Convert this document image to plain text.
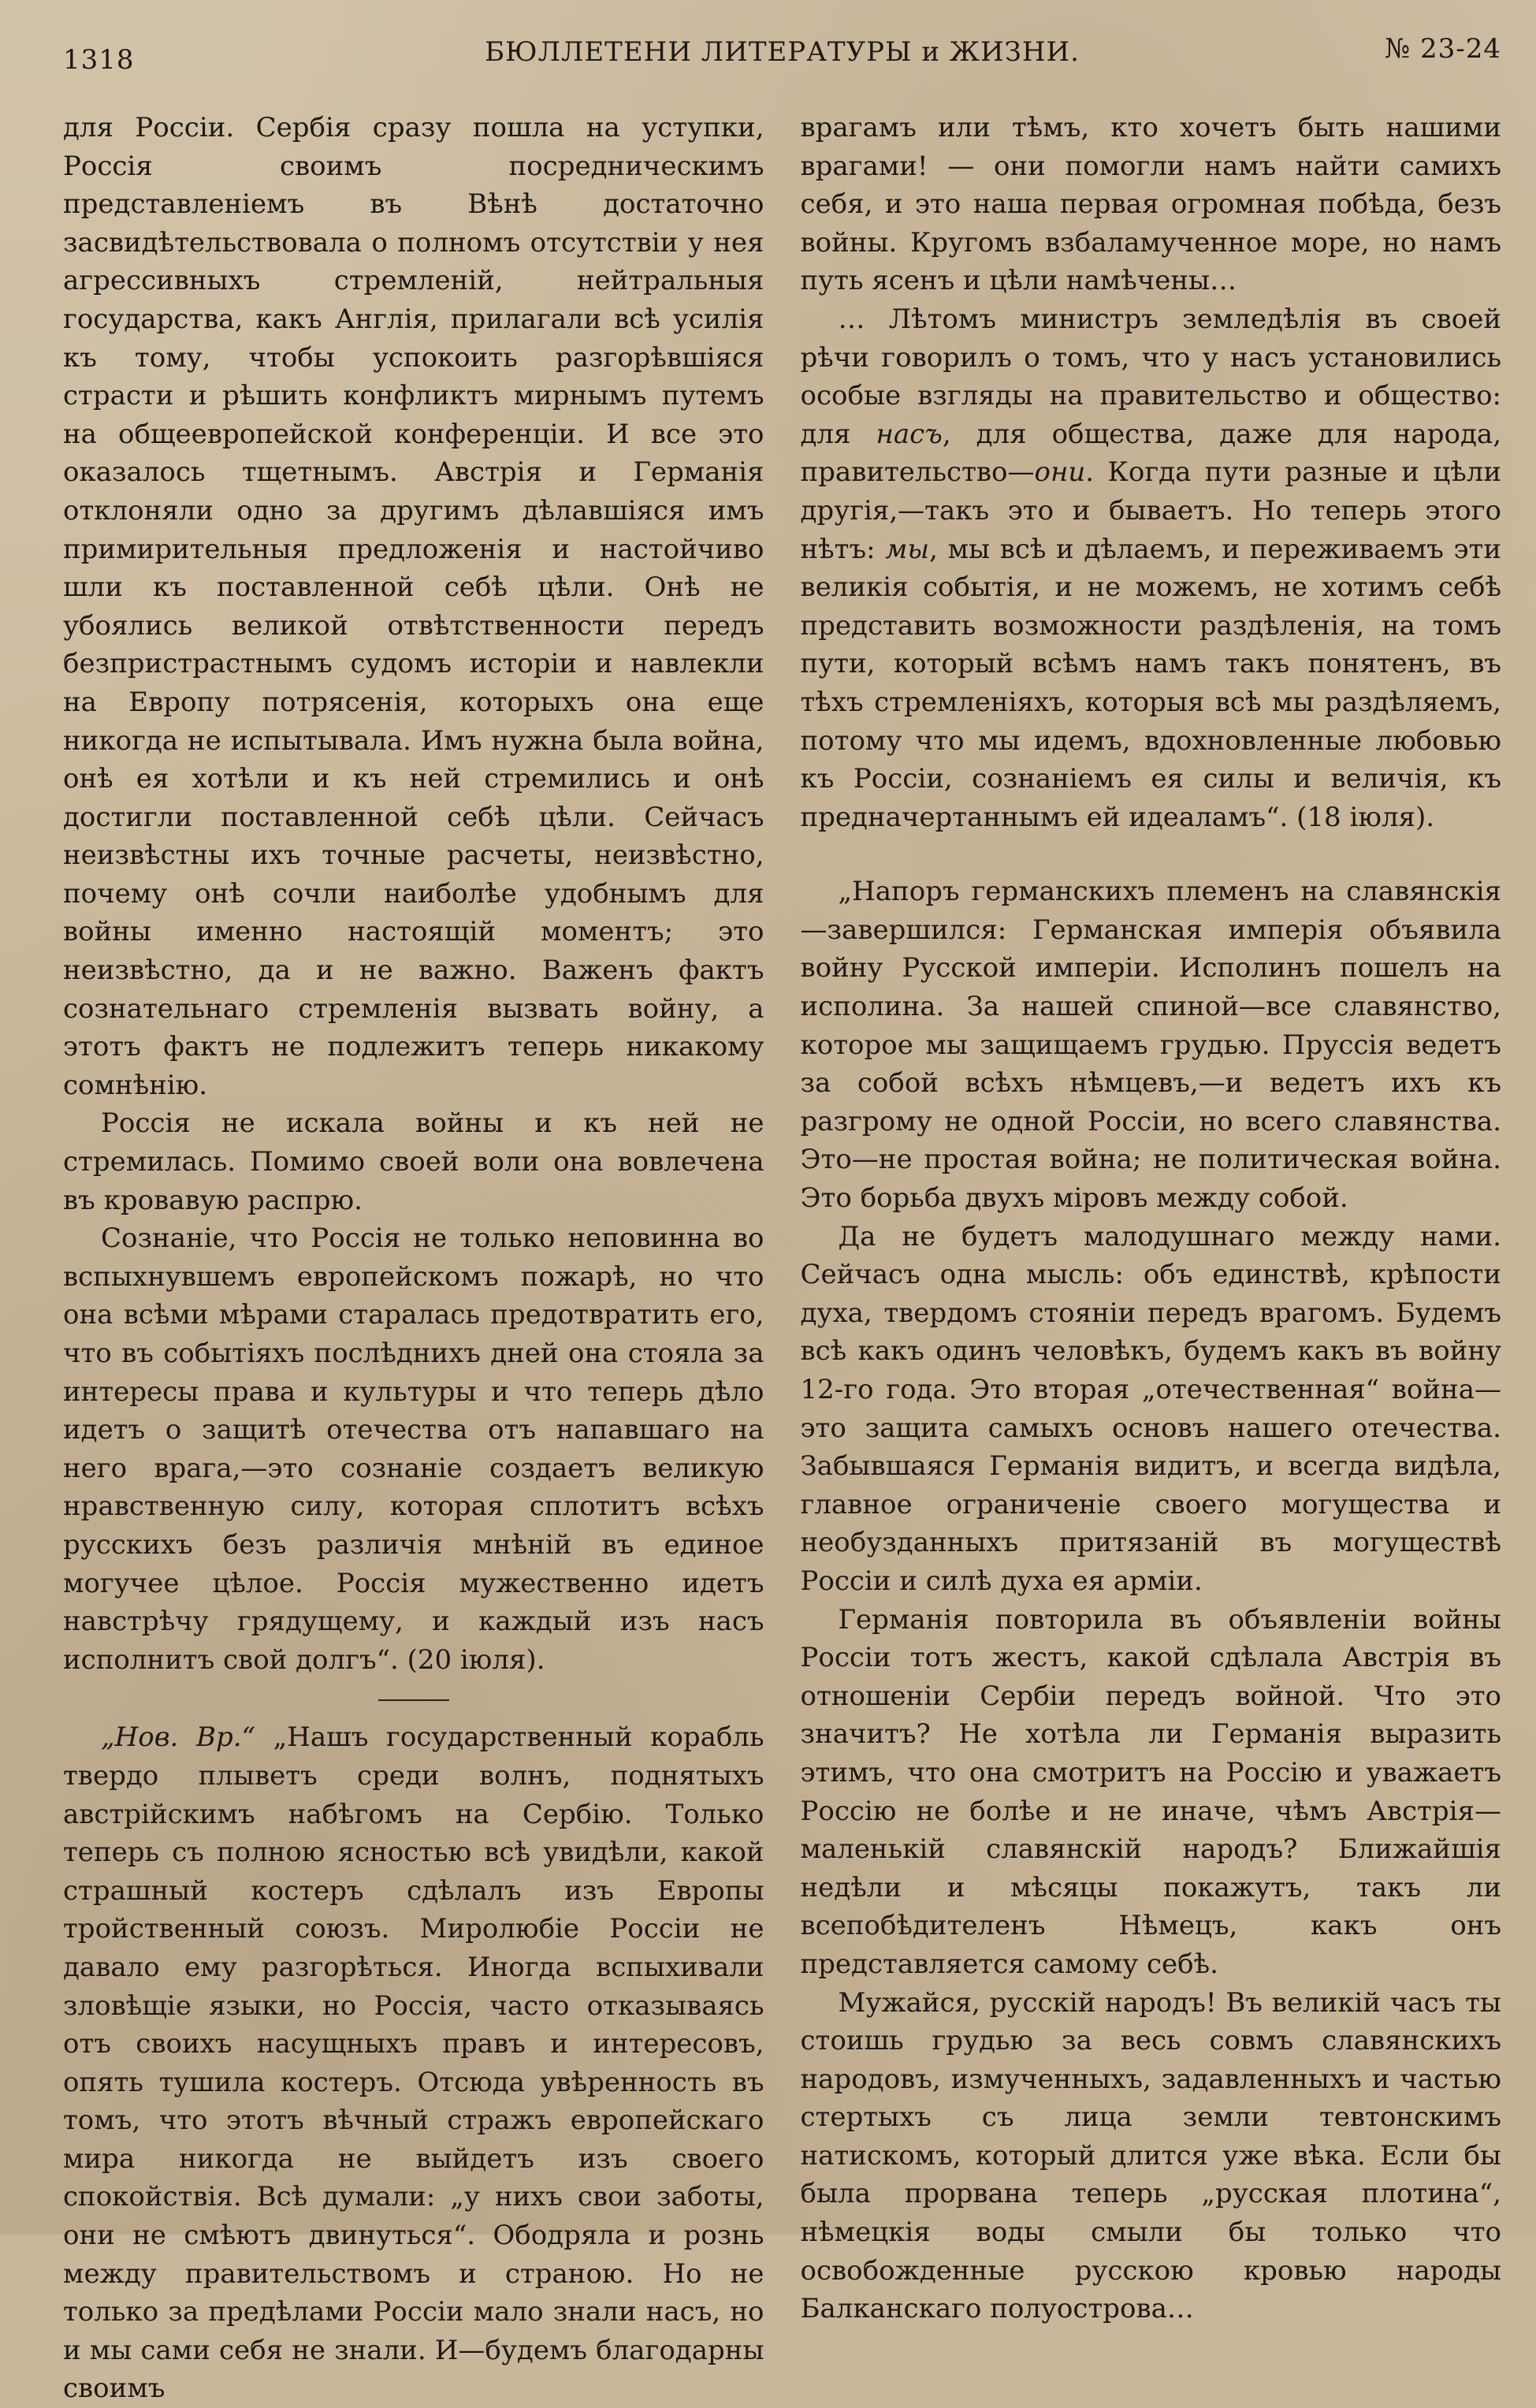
1318	БЮЛЛЕТЕНИ ЛИТЕРАТУРЫ и ЖИЗНИ.	№ 23-24

для Россіи. Сербія сразу пошла на уступки, Россія своимъ посредническимъ представленіемъ въ Вѣнѣ достаточно засвидѣтельствовала о полномъ отсутствіи у нея агрессивныхъ стремленій, нейтральныя государства, какъ Англія, прилагали всѣ усилія къ тому, чтобы успокоить разгорѣвшіяся страсти и рѣшить конфликтъ мирнымъ путемъ на общеевропейской конференціи. И все это оказалось тщетнымъ. Австрія и Германія отклоняли одно за другимъ дѣлавшіяся имъ примирительныя предложенія и настойчиво шли къ поставленной себѣ цѣли. Онѣ не убоялись великой отвѣтственности передъ безпристрастнымъ судомъ исторіи и навлекли на Европу потрясенія, которыхъ она еще никогда не испытывала. Имъ нужна была война, онѣ ея хотѣли и къ ней стремились и онѣ достигли поставленной себѣ цѣли. Сейчасъ неизвѣстны ихъ точные расчеты, неизвѣстно, почему онѣ сочли наиболѣе удобнымъ для войны именно настоящій моментъ; это неизвѣстно, да и не важно. Важенъ фактъ сознательнаго стремленія вызвать войну, а этотъ фактъ не подлежитъ теперь никакому сомнѣнію.

Россія не искала войны и къ ней не стремилась. Помимо своей воли она вовлечена въ кровавую распрю.

Сознаніе, что Россія не только неповинна во вспыхнувшемъ европейскомъ пожарѣ, но что она всѣми мѣрами старалась предотвратить его, что въ событіяхъ послѣднихъ дней она стояла за интересы права и культуры и что теперь дѣло идетъ о защитѣ отечества отъ напавшаго на него врага,—это сознаніе создаетъ великую нравственную силу, которая сплотитъ всѣхъ русскихъ безъ различія мнѣній въ единое могучее цѣлое. Россія мужественно идетъ навстрѣчу грядущему, и каждый изъ насъ исполнитъ свой долгъ“. (20 іюля).

„Нов. Вр.“ „Нашъ государственный корабль твердо плыветъ среди волнъ, поднятыхъ австрійскимъ набѣгомъ на Сербію. Только теперь съ полною ясностью всѣ увидѣли, какой страшный костеръ сдѣлалъ изъ Европы тройственный союзъ. Миролюбіе Россіи не давало ему разгорѣться. Иногда вспыхивали зловѣщіе языки, но Россія, часто отказываясь отъ своихъ насущныхъ правъ и интересовъ, опять тушила костеръ. Отсюда увѣренность въ томъ, что этотъ вѣчный стражъ европейскаго мира никогда не выйдетъ изъ своего спокойствія. Всѣ думали: „у нихъ свои заботы, они не смѣютъ двинуться“. Ободряла и рознь между правительствомъ и страною. Но не только за предѣлами Россіи мало знали насъ, но и мы сами себя не знали. И—будемъ благодарны своимъ

врагамъ или тѣмъ, кто хочетъ быть нашими врагами! — они помогли намъ найти самихъ себя, и это наша первая огромная побѣда, безъ войны. Кругомъ взбаламученное море, но намъ путь ясенъ и цѣли намѣчены…

… Лѣтомъ министръ земледѣлія въ своей рѣчи говорилъ о томъ, что у насъ установились особые взгляды на правительство и общество: для насъ, для общества, даже для народа, правительство—они. Когда пути разные и цѣли другія,—такъ это и бываетъ. Но теперь этого нѣтъ: мы, мы всѣ и дѣлаемъ, и переживаемъ эти великія событія, и не можемъ, не хотимъ себѣ представить возможности раздѣленія, на томъ пути, который всѣмъ намъ такъ понятенъ, въ тѣхъ стремленіяхъ, которыя всѣ мы раздѣляемъ, потому что мы идемъ, вдохновленные любовью къ Россіи, сознаніемъ ея силы и величія, къ предначертаннымъ ей идеаламъ“. (18 іюля).

„Напоръ германскихъ племенъ на славянскія—завершился: Германская имперія объявила войну Русской имперіи. Исполинъ пошелъ на исполина. За нашей спиной—все славянство, которое мы защищаемъ грудью. Пруссія ведетъ за собой всѣхъ нѣмцевъ,—и ведетъ ихъ къ разгрому не одной Россіи, но всего славянства. Это—не простая война; не политическая война. Это борьба двухъ міровъ между собой.

Да не будетъ малодушнаго между нами. Сейчасъ одна мысль: объ единствѣ, крѣпости духа, твердомъ стояніи передъ врагомъ. Будемъ всѣ какъ одинъ человѣкъ, будемъ какъ въ войну 12-го года. Это вторая „отечественная“ война—это защита самыхъ основъ нашего отечества. Забывшаяся Германія видитъ, и всегда видѣла, главное ограниченіе своего могущества и необузданныхъ притязаній въ могуществѣ Россіи и силѣ духа ея арміи.

Германія повторила въ объявленіи войны Россіи тотъ жестъ, какой сдѣлала Австрія въ отношеніи Сербіи передъ войной. Что это значитъ? Не хотѣла ли Германія выразить этимъ, что она смотритъ на Россію и уважаетъ Россію не болѣе и не иначе, чѣмъ Австрія—маленькій славянскій народъ? Ближайшія недѣли и мѣсяцы покажутъ, такъ ли всепобѣдителенъ Нѣмецъ, какъ онъ представляется самому себѣ.

Мужайся, русскій народъ! Въ великій часъ ты стоишь грудью за весь совмъ славянскихъ народовъ, измученныхъ, задавленныхъ и частью стертыхъ съ лица земли тевтонскимъ натискомъ, который длится уже вѣка. Если бы была прорвана теперь „русская плотина“, нѣмецкія воды смыли бы только что освобожденные русскою кровью народы Балканскаго полуострова…
